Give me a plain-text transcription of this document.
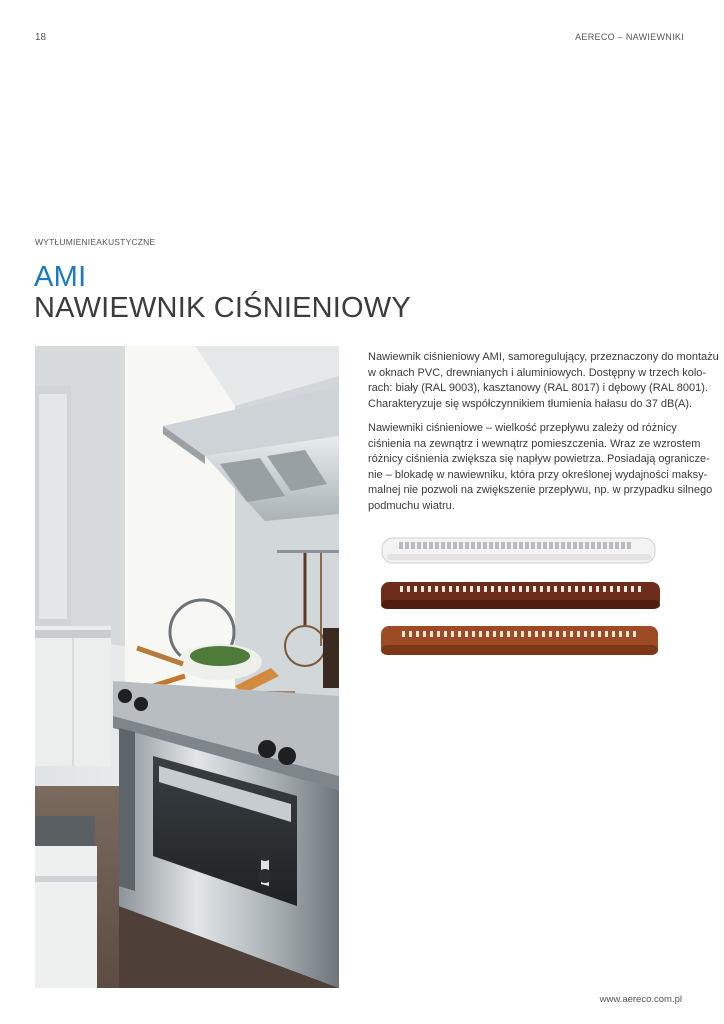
18	AERECO – NAWIEWNIKI
WYTŁUMIENIEAKUSTYCZNE
AMI
NAWIEWNIK CIŚNIENIOWY

Nawiewnik ciśnieniowy AMI, samoregulujący, przeznaczony do montażu

w oknach PVC, drewnianych i aluminiowych. Dostępny w trzech kolo-

rach: biały (RAL 9003), kasztanowy (RAL 8017) i dębowy (RAL 8001).

Charakteryzuje się współczynnikiem tłumienia hałasu do 37 dB(A).

Nawiewniki ciśnieniowe – wielkość przepływu zależy od różnicy

ciśnienia na zewnątrz i wewnątrz pomieszczenia. Wraz ze wzrostem

różnicy ciśnienia zwiększa się napływ powietrza. Posiadają ogranicze-

nie – blokadę w nawiewniku, która przy określonej wydajności maksy-

malnej nie pozwoli na zwiększenie przepływu, np. w przypadku silnego

podmuchu wiatru.

www.aereco.com.pl
